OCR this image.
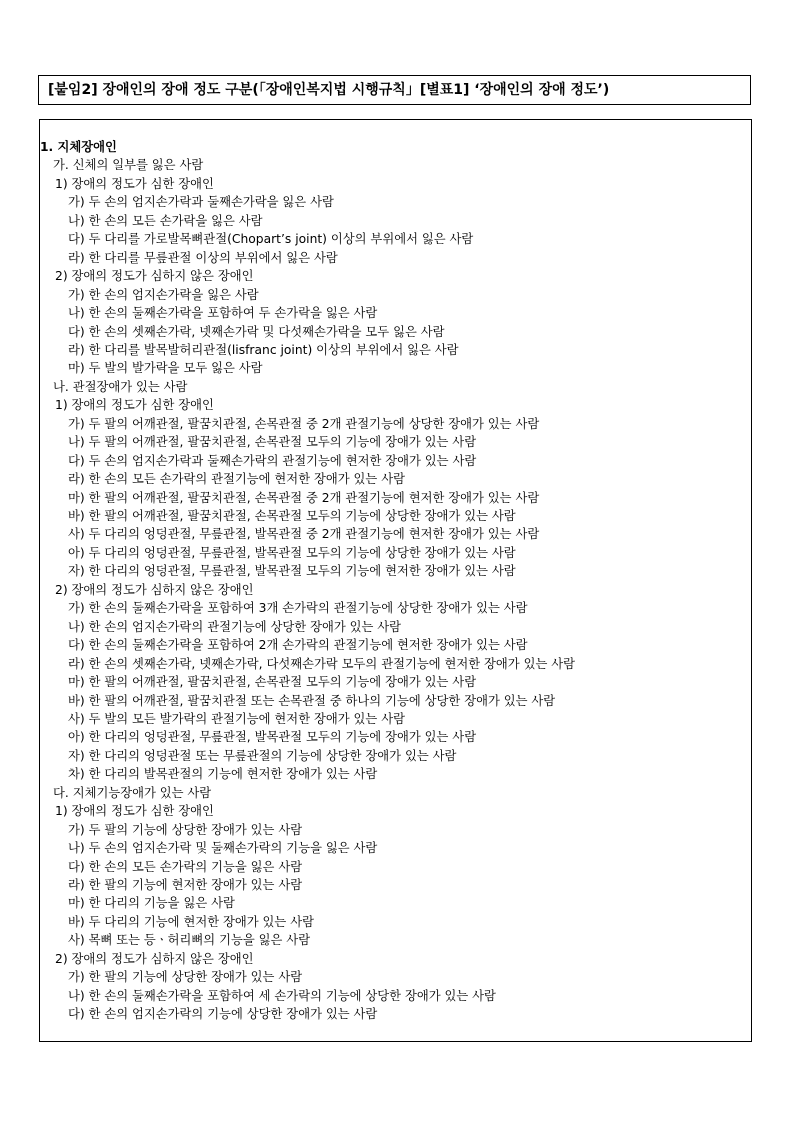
[붙임2] 장애인의 장애 정도 구분(「장애인복지법 시행규칙」[별표1] ‘장애인의 장애 정도’)
1. 지체장애인
가. 신체의 일부를 잃은 사람
1) 장애의 정도가 심한 장애인
가) 두 손의 엄지손가락과 둘째손가락을 잃은 사람
나) 한 손의 모든 손가락을 잃은 사람
다) 두 다리를 가로발목뼈관절(Chopart’s joint) 이상의 부위에서 잃은 사람
라) 한 다리를 무릎관절 이상의 부위에서 잃은 사람
2) 장애의 정도가 심하지 않은 장애인
가) 한 손의 엄지손가락을 잃은 사람
나) 한 손의 둘째손가락을 포함하여 두 손가락을 잃은 사람
다) 한 손의 셋째손가락, 넷째손가락 및 다섯째손가락을 모두 잃은 사람
라) 한 다리를 발목발허리관절(lisfranc joint) 이상의 부위에서 잃은 사람
마) 두 발의 발가락을 모두 잃은 사람
나. 관절장애가 있는 사람
1) 장애의 정도가 심한 장애인
가) 두 팔의 어깨관절, 팔꿈치관절, 손목관절 중 2개 관절기능에 상당한 장애가 있는 사람
나) 두 팔의 어깨관절, 팔꿈치관절, 손목관절 모두의 기능에 장애가 있는 사람
다) 두 손의 엄지손가락과 둘째손가락의 관절기능에 현저한 장애가 있는 사람
라) 한 손의 모든 손가락의 관절기능에 현저한 장애가 있는 사람
마) 한 팔의 어깨관절, 팔꿈치관절, 손목관절 중 2개 관절기능에 현저한 장애가 있는 사람
바) 한 팔의 어깨관절, 팔꿈치관절, 손목관절 모두의 기능에 상당한 장애가 있는 사람
사) 두 다리의 엉덩관절, 무릎관절, 발목관절 중 2개 관절기능에 현저한 장애가 있는 사람
아) 두 다리의 엉덩관절, 무릎관절, 발목관절 모두의 기능에 상당한 장애가 있는 사람
자) 한 다리의 엉덩관절, 무릎관절, 발목관절 모두의 기능에 현저한 장애가 있는 사람
2) 장애의 정도가 심하지 않은 장애인
가) 한 손의 둘째손가락을 포함하여 3개 손가락의 관절기능에 상당한 장애가 있는 사람
나) 한 손의 엄지손가락의 관절기능에 상당한 장애가 있는 사람
다) 한 손의 둘째손가락을 포함하여 2개 손가락의 관절기능에 현저한 장애가 있는 사람
라) 한 손의 셋째손가락, 넷째손가락, 다섯째손가락 모두의 관절기능에 현저한 장애가 있는 사람
마) 한 팔의 어깨관절, 팔꿈치관절, 손목관절 모두의 기능에 장애가 있는 사람
바) 한 팔의 어깨관절, 팔꿈치관절 또는 손목관절 중 하나의 기능에 상당한 장애가 있는 사람
사) 두 발의 모든 발가락의 관절기능에 현저한 장애가 있는 사람
아) 한 다리의 엉덩관절, 무릎관절, 발목관절 모두의 기능에 장애가 있는 사람
자) 한 다리의 엉덩관절 또는 무릎관절의 기능에 상당한 장애가 있는 사람
차) 한 다리의 발목관절의 기능에 현저한 장애가 있는 사람
다. 지체기능장애가 있는 사람
1) 장애의 정도가 심한 장애인
가) 두 팔의 기능에 상당한 장애가 있는 사람
나) 두 손의 엄지손가락 및 둘째손가락의 기능을 잃은 사람
다) 한 손의 모든 손가락의 기능을 잃은 사람
라) 한 팔의 기능에 현저한 장애가 있는 사람
마) 한 다리의 기능을 잃은 사람
바) 두 다리의 기능에 현저한 장애가 있는 사람
사) 목뼈 또는 등ㆍ허리뼈의 기능을 잃은 사람
2) 장애의 정도가 심하지 않은 장애인
가) 한 팔의 기능에 상당한 장애가 있는 사람
나) 한 손의 둘째손가락을 포함하여 세 손가락의 기능에 상당한 장애가 있는 사람
다) 한 손의 엄지손가락의 기능에 상당한 장애가 있는 사람
